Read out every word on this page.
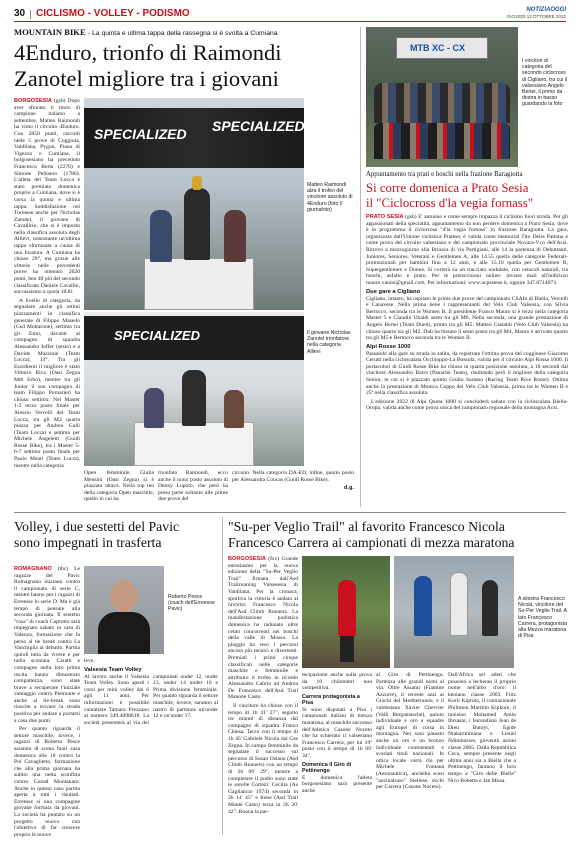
30 CICLISMO - VOLLEY - PODISMO	NOTIZIAOGGI
GIOVEDÌ 13 OTTOBRE 2022
MOUNTAIN BIKE - La quinta e ultima tappa della rassegna si è svolta a Cumiana
4Enduro, trionfo di Raimondi
Zanotel migliore tra i giovani

BORGOSESIA (gsb) Dopo aver sfiorato il titolo di campione italiano a settembre, Matteo Raimondi ha vinto il circuito 4Enduro. Con 2850 punti, raccolti nelle 5 prove di Coggiola, Valdilana, Pygun, Piana di Vigezzo e Cumiana, il borgosesiano ha preceduto Francesco Berta (2270) e Simone Pellisero (1780). L'atleta del Team Locca è stato premiato domenica proprio a Cumiana, dove si è corsa la quinta e ultima tappa. Soddisfazione nel Torinese anche per Nicholas Zanotel, il giovane di Cavallirio, che si è imposto nella classifica assoluta degli Allievi, nonostante un'ultima tappa sfortunata a causa di una foratura. A Cumiana ha chiuso 29°, ma grazie alle vittorie nelle precedenti prove ha ottenuto 2620 punti, ben 40 più del secondo classificato Daniele Cavallin, succassismo a quota 1830.

A livello di categoria, da segnalare anche gli ottimi piazzamenti in classifica generale di Filippo Masedo (Gsd Mottarone), settimo tra gli Elmi, davanti al compagno di squadra Alessandro Ioffer (sesto) e a Davide Mazzone (Team Locca), 13°. Tra gli Esordienti il migliore è stato Vittorio Biva (Oasi Zegna Mtb Erbo), mentre tra gli Junior il suo compagno di team Filippo Pornarieri ha chiuso settimo. Nei Master 1-2 terzo posto finale per Alessio Vercelli del Team Locca, tra gli M3 quarta piazza per Andrea Galli (Team Locca) e settimo per Michele Angeletti (Guidi Rosse Bike), tra i Master 5-6-7 settimo posto finale per Paolo Menti (Team Lucra), mentre nella categoria

SPECIALIZED SPECIALIZED
Matteo Raimondi alza il trofeo del vincitore assoluto di 4Enduro (foto Il giurnafoto)
SPECIALIZED	Il giovane Nicholas Zanotel trionfatore nella categoria Allievi

Open femminile Giulia Mensini (Oasi Zegna) si è piazzata ottava. Nella top ten della categoria Open maschile, quello in cui ha

trionfato Raimondi, ecco anche il nono posto assoluto di Denny Lupoto, che però ha preso parte soltanto alle prime due prove del

circuito. Nella categoria DA-ED, infine, quarto posto per Alessandra Concas (Guidi Rosse Bike).

d.g.
MTB XC - CX
I vincitori di categoria del secondo ciclocross di Cigliano, tra cui il valsesiano Angelo Bertei, il primo da destra in basso guardando la foto
Appuntamento tra prati e boschi nella frazione Baragiotta
Si corre domenica a Prato Sesia
il "Ciclocross d'la vegia fornass"

PRATO SESIA (gsb) E' autunno e come sempre impazza il ciclismo fuori strada. Per gli appassionati della specialità, appuntamento da non perdere domenica a Prato Sesia, dove è in programma il ciclocross "d'la vegia fornass" in frazione Baragiotta. La gara, organizzata dall'Unione ciclistica Pratese, è valida come memorial Tito Della Pattona e come prova del circuito valsesiano e del campionato provinciale Novara-Vco dell'Acsi. Ritrovo a mezzogiorno alla Briosca di via Partigiani, alle 14 la partenza di Debuttanti, Juniores, Seniores, Veterani e Gentlemen A, alle 14.55 quella delle categorie Federali-promozionali per bambini fino a 12 anni, e alle 15.10 quella per Gentlemen B, Supergentlemen e Donne. Si correrà su un tracciato ondulato, con ostacoli naturali, tra boschi, asfalto e prato. Per le preiscrizioni online: inviare mail all'indirizzo mauro.vanini@gmail.com. Per informazioni: www.ucpratese.it, oppure 347.0714073.

Due gare a Cigliano

Cigliano, intanto, ha ospitato le prime due prove del campionato CSAIn di Biella, Vercelli e Canavese. Nella prima bene i rappresentanti del Velo Club Valsesia, con Silvia Bertocco, seconda tra le Women B. Il presidente Franco Mauro si è terzo nella categoria Master 5 e Claudio Ubaldi sesto tra gli M6. Nella seconda, una grande prestazione di Angelo Bertei (Team Dueit), primo tra gli M5. Matteo Castaldi (Velo Club Valsesia) ha chiuso quarto tra gli M2. Dub ha bissato il sesto posto tra gli M4, Mauro è arrivato quarto tra gli M5 e Bertocco seconda tra le Women B.

Alpi Rosse 1000

Passando alla gare su strada in salita, da registrare l'ottima prova del cogginese Giacomo Cerutti nella cicloscalata Occhioppo-La Bossola, valida per il circuito Alpi Rossa 1000. Il portacolori di Guidi Rosse Bike ha chiuso in quarta posizione assoluta, a 18 secondi dal vincitore Alessandro Barra (Panachè Team), risultando però il migliore della categoria Senior, in cui si è piazzato quinto Giulio Sarasso (Racing Team Rive Rosse). Ottima anche la prestazione di Monica Coppo del Velo Club Valsesia, prima tra le Women B e 25ª nella classifica assoluta.

L'edizione 2022 di Alpi Quota 1000 si concluderà sabato con la cicloscalata Biella-Oropa, valida anche come prova unica del campionato regionale della montagna Acsi.

Volley, i due sestetti del Pavic
sono impegnati in trasferta

ROMAGNANO (tbc) Le ragazze del Pavic Romagnano iniziano contro il campionato di serie C, mentre hanno per i ragazzi di Erreesse in serie D. Ma è già tempo di pensare alla seconda giornata. Il sestetto "rosa" di coach Caprotto sarà impegnato sabato in casa di Valenza, formazione che fa perso al tie break contro La Vanchiglia al debutto. Partita quindi tutta da vivere e per nulla scontata. Caratti e compagne nella loro prima uscita hanno dimostrato compattezza, sono state brave a recuperare l'iniziale vantaggio contro Piemonte e anche al tie-break sono riuscite a trovare la strada positiva per andare a portarsi a casa due punti.

Per quanto riguarda il settore maschile, invece, i ragazzi di Roberto Pesce saranno di scena fuori casa domenica alle 18 contro la Pol Cavaglietto, formazione che alla prima giornata ha subito una netta sconfitta contro Conad Montanaro. Anche in questo caso partita aperta a tutti i risultati. Erreesse si una compagine giovane formata da giovani. La società ha puntato su un progetto nuovo con l'obiettivo di far crescere proprio le nuove

Roberto Pesce (coach dell'Erreesse Pavic)

leve.

Valsesia Team Volley

Al lavoro anche il Valsesia Team Volley. Sono aperti i corsi per mini volley dai 6 agli 11 anni. Per informazioni è possibile contattare Tamara Prezzano al numero 349.4098618. La società presenterà al via dei campionati under 12, under 13, under 14 under 16 e Prima divisione femminile. Per quanto riguarda il settore maschile, invece, saranno al nastro di partenza un'under 12 e un'under 17.

"Su-per Veglio Trail" al favorito Francesco Nicola
Francesco Carrera ai campionati di mezza maratona

BORGOSESIA (fzv) Grande entusiasmo per la nuova edizione della "Su-Per Veglio Trail" firmata dall'Asd Trailrunning Valsesesia di Valdilana. Per la cronaca, sportiva la vittoria è andata al favorito Francesco Nicola dell'Asd Climb Runners. La manifestazione podistica domenica ha radunato oltre cento concorrenti nei boschi della valle di Mosso. La pioggia ha reso i percorsi ancora più tecnici e divertenti. Premiati i primi cinque classificati nelle categorie maschile e femminile e attribuito il trofeo in ricordo Alessandro Cabrio ad Andrea De Francesco dell'Asd Trail Manone Casto.

Il vincitore ha chiuso con il tempo di 1h 41' 27", seguito tre minuti di distanza dal compagno di squadra Franco Chiesa. Terzo con il tempo di 1h 45' Gabriele Nicola dal Gse Zegna. In campo femminile da segnalare il successo sul percorso di Susan Ostano (Asd Climb Runners) con un tempo di 2h 06' 29", mentre a completare il podio sono state le sorelle Cortezi: Cecilia (As Gagliancio 1974) seconda in 2h 14' 45" e Irene (Asd Trail Monte Casto) terza in 2h 20' 42". Buona la par-

A sinistra Francesco Nicola, vincitore del Su-Per Veglio Trail. A lato Francesco Carrera, protagonista alla Mezza maratona di Pisa

tecipazione anche sulla prova da 10 chilometri non competitiva.

Carrera protagonista a Pisa

Si sono disputati a Pisa i campionati italiani di mezza maratona, al maschile successo dell'Atletica Casone Noceto che ha schierato il valsesiano Francesco Carrera, per lui 19º posto con il tempo di 1h 09' 34".

Domenica il Giro di Pettinengo

E domenica l'atleta borgosesiano sarà presente anche

al Giro di Pettinengo. Partenza alle grandi nomi al via. Oltre Assami (Fiamme Azzurre), il recente azzi ai Giochi del Mediterraneo, e il valdostano Xavier Chevrier (Valli Bergamasche), quinto individuale e oro a squadre agli Europei di corsa in montagna. Nei suoi passato anche un oro e un bronzo individuale continentali e svariati titoli nazionali. In ottica locale varrà chi per Michele Fontana (Aeronautica), ancheba scesi "ancinalzato" Stellese, ecchi per Carrera (Casone Noceto).

Dall'Africa sei atleti che possono a lecheran il proprio nome nell'albo d'oro: il keniano classe 2003 Fritz Korir Kipruto, il connazionale Philimon Maritim Kipkore, il tunisino Mohamed Amin Ibrsasni, i burundiani Jean de Dieu Butoyi, Egide Ntakarutimana e Lionel Ndimbazwe, gioventù asioni classe 2005. Dalla Repubblica Ceca, sempre presente negli ultimi anni sia a Biella che a Pettinengo, faranno il loro tempo a "Giro delle Biella" Nico Bobetta e Jan Musa.
